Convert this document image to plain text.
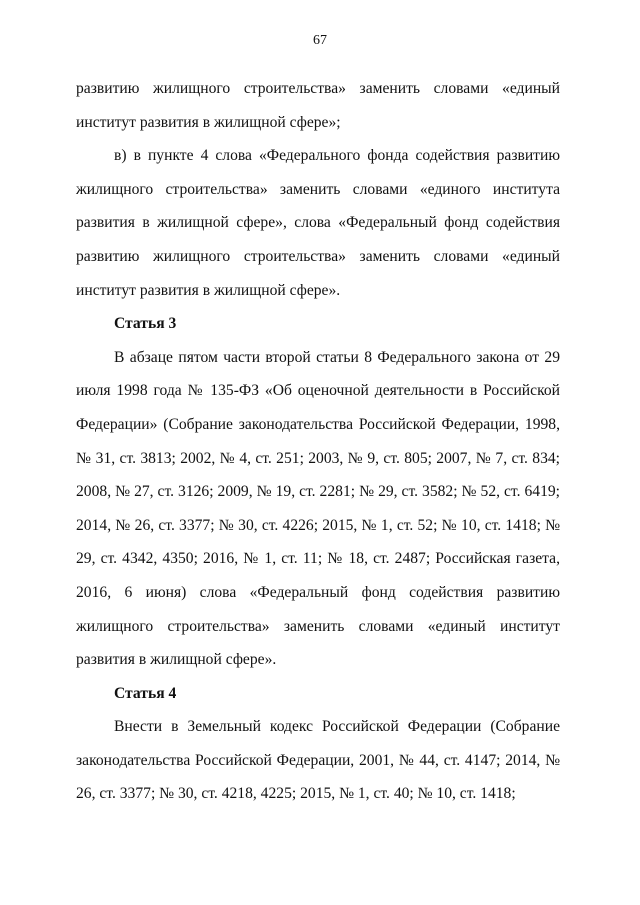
67

развитию жилищного строительства» заменить словами «единый институт развития в жилищной сфере»;

в) в пункте 4 слова «Федерального фонда содействия развитию жилищного строительства» заменить словами «единого института развития в жилищной сфере», слова «Федеральный фонд содействия развитию жилищного строительства» заменить словами «единый институт развития в жилищной сфере».

Статья 3

В абзаце пятом части второй статьи 8 Федерального закона от 29 июля 1998 года № 135-ФЗ «Об оценочной деятельности в Российской Федерации» (Собрание законодательства Российской Федерации, 1998, № 31, ст. 3813; 2002, № 4, ст. 251; 2003, № 9, ст. 805; 2007, № 7, ст. 834; 2008, № 27, ст. 3126; 2009, № 19, ст. 2281; № 29, ст. 3582; № 52, ст. 6419; 2014, № 26, ст. 3377; № 30, ст. 4226; 2015, № 1, ст. 52; № 10, ст. 1418; № 29, ст. 4342, 4350; 2016, № 1, ст. 11; № 18, ст. 2487; Российская газета, 2016, 6 июня) слова «Федеральный фонд содействия развитию жилищного строительства» заменить словами «единый институт развития в жилищной сфере».

Статья 4

Внести в Земельный кодекс Российской Федерации (Собрание законодательства Российской Федерации, 2001, № 44, ст. 4147; 2014, № 26, ст. 3377; № 30, ст. 4218, 4225; 2015, № 1, ст. 40; № 10, ст. 1418;
